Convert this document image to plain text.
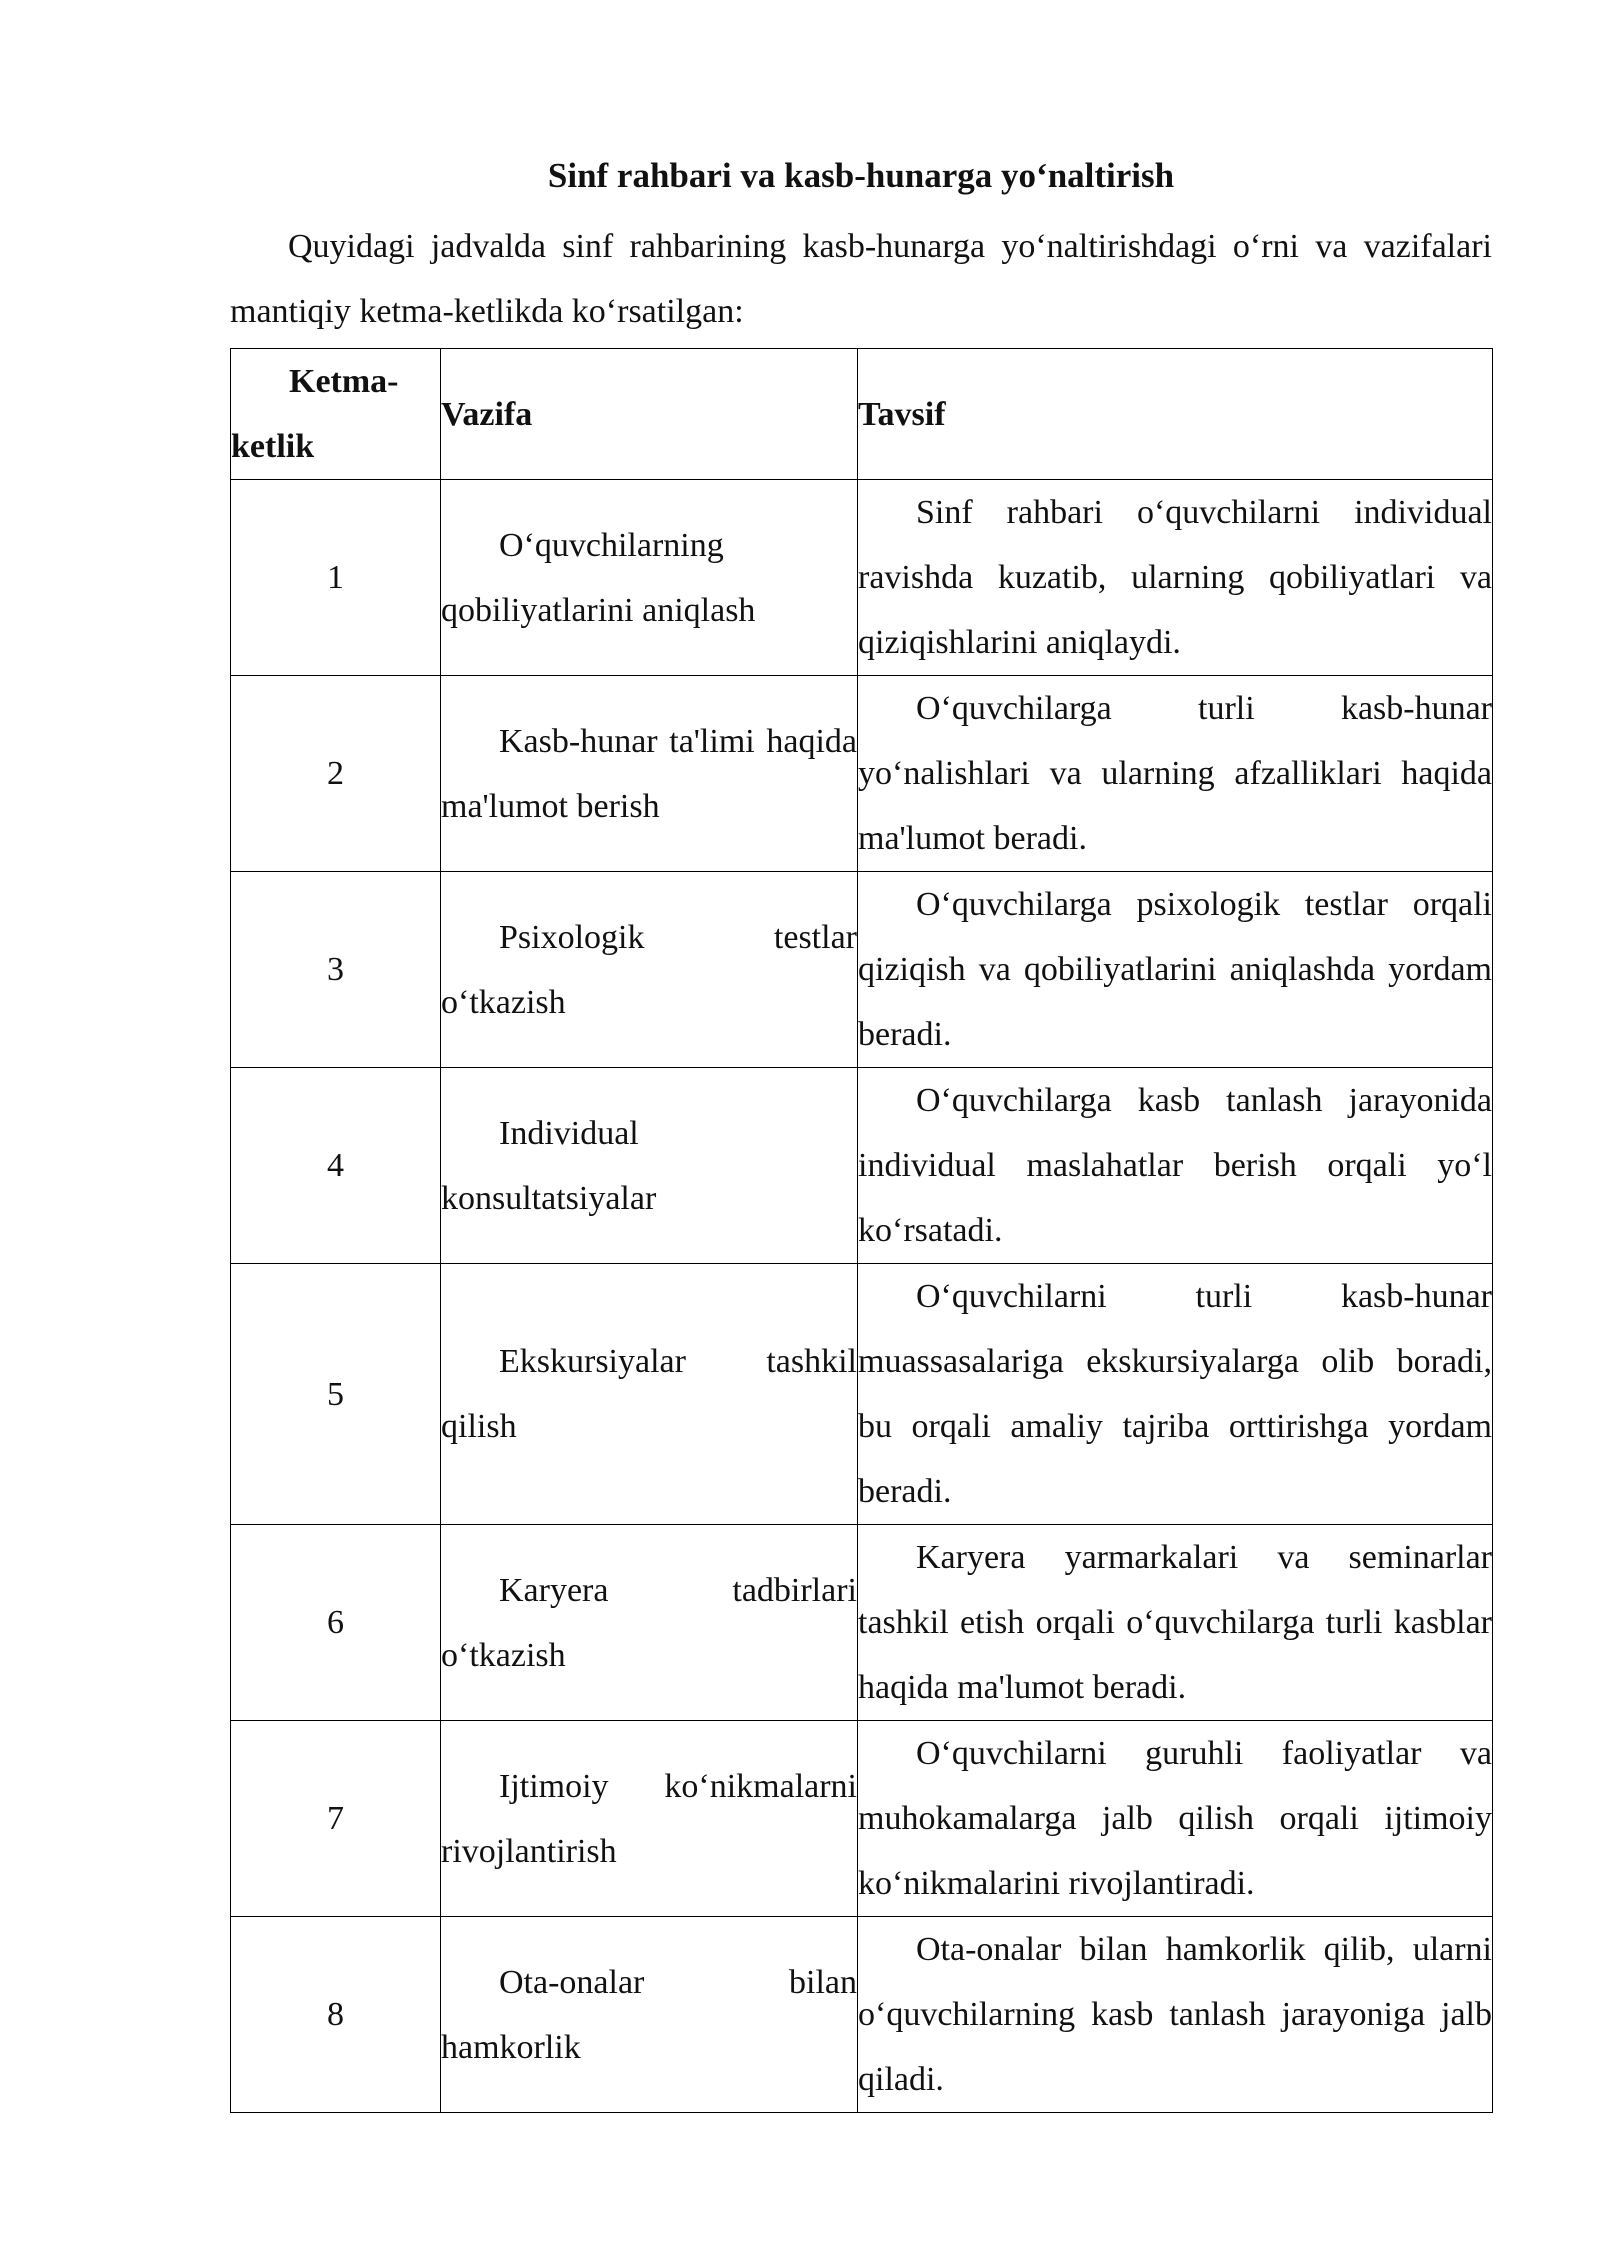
Sinf rahbari va kasb-hunarga yo‘naltirish

Quyidagi jadvalda sinf rahbarining kasb-hunarga yo‘naltirishdagi o‘rni va vazifalari mantiqiy ketma-ketlikda ko‘rsatilgan:

Ketma-ketlik	Vazifa	Tavsif
1	O‘quvchilarning qobiliyatlarini aniqlash	Sinf rahbari o‘quvchilarni individual ravishda kuzatib, ularning qobiliyatlari va qiziqishlarini aniqlaydi.
2	Kasb-hunar ta'limi haqida ma'lumot berish	O‘quvchilarga turli kasb-hunar yo‘nalishlari va ularning afzalliklari haqida ma'lumot beradi.
3	Psixologik testlar o‘tkazish	O‘quvchilarga psixologik testlar orqali qiziqish va qobiliyatlarini aniqlashda yordam beradi.
4	Individual konsultatsiyalar	O‘quvchilarga kasb tanlash jarayonida individual maslahatlar berish orqali yo‘l ko‘rsatadi.
5	Ekskursiyalar tashkil qilish	O‘quvchilarni turli kasb-hunar muassasalariga ekskursiyalarga olib boradi, bu orqali amaliy tajriba orttirishga yordam beradi.
6	Karyera tadbirlari o‘tkazish	Karyera yarmarkalari va seminarlar tashkil etish orqali o‘quvchilarga turli kasblar haqida ma'lumot beradi.
7	Ijtimoiy ko‘nikmalarni rivojlantirish	O‘quvchilarni guruhli faoliyatlar va muhokamalarga jalb qilish orqali ijtimoiy ko‘nikmalarini rivojlantiradi.
8	Ota-onalar bilan hamkorlik	Ota-onalar bilan hamkorlik qilib, ularni o‘quvchilarning kasb tanlash jarayoniga jalb qiladi.
